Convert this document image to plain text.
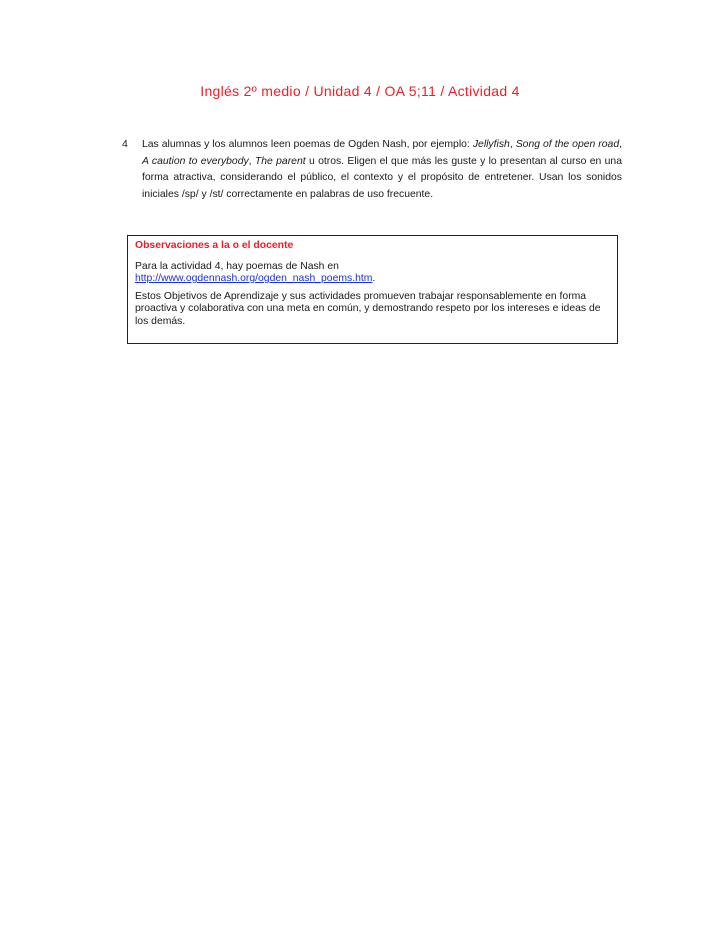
Inglés 2º medio / Unidad 4 / OA 5;11 / Actividad 4
4 Las alumnas y los alumnos leen poemas de Ogden Nash, por ejemplo: Jellyfish, Song of the open road, A caution to everybody, The parent u otros. Eligen el que más les guste y lo presentan al curso en una forma atractiva, considerando el público, el contexto y el propósito de entretener. Usan los sonidos iniciales /sp/ y /st/ correctamente en palabras de uso frecuente.
Observaciones a la o el docente

Para la actividad 4, hay poemas de Nash en
http://www.ogdennash.org/ogden_nash_poems.htm.

Estos Objetivos de Aprendizaje y sus actividades promueven trabajar responsablemente en forma proactiva y colaborativa con una meta en común, y demostrando respeto por los intereses e ideas de los demás.
